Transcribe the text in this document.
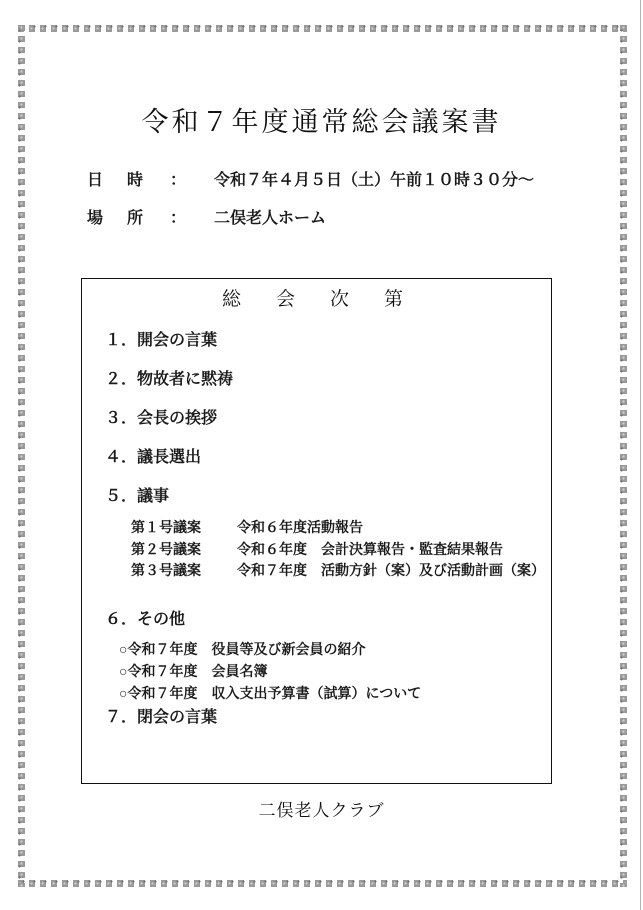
令和７年度通常総会議案書
日　時 ： 令和７年４月５日（土）午前１０時３０分～
場　所 ： 二俣老人ホーム
総　会　次　第
１．開会の言葉
２．物故者に黙祷
３．会長の挨拶
４．議長選出
５．議事
第１号議案	令和６年度活動報告
第２号議案	令和６年度　会計決算報告・監査結果報告
第３号議案	令和７年度　活動方針（案）及び活動計画（案）
６．その他
○令和７年度　役員等及び新会員の紹介
○令和７年度　会員名簿
○令和７年度　収入支出予算書（試算）について
７．閉会の言葉
二俣老人クラブ
